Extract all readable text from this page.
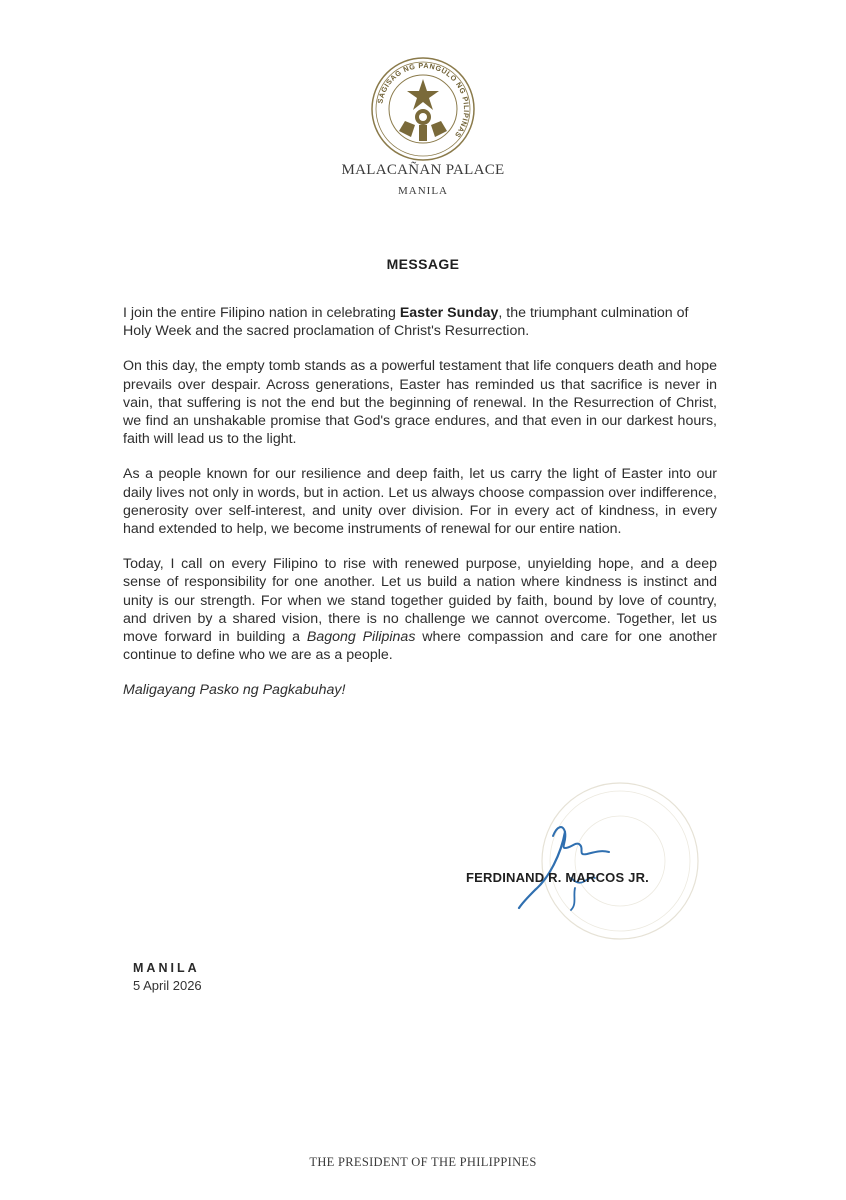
SAGISAG NG PANGULO NG PILIPINAS
MALACAÑAN PALACE
MANILA
MESSAGE

I join the entire Filipino nation in celebrating Easter Sunday, the triumphant culmination of Holy Week and the sacred proclamation of Christ's Resurrection.

On this day, the empty tomb stands as a powerful testament that life conquers death and hope prevails over despair. Across generations, Easter has reminded us that sacrifice is never in vain, that suffering is not the end but the beginning of renewal. In the Resurrection of Christ, we find an unshakable promise that God's grace endures, and that even in our darkest hours, faith will lead us to the light.

As a people known for our resilience and deep faith, let us carry the light of Easter into our daily lives not only in words, but in action. Let us always choose compassion over indifference, generosity over self-interest, and unity over division. For in every act of kindness, in every hand extended to help, we become instruments of renewal for our entire nation.

Today, I call on every Filipino to rise with renewed purpose, unyielding hope, and a deep sense of responsibility for one another. Let us build a nation where kindness is instinct and unity is our strength. For when we stand together guided by faith, bound by love of country, and driven by a shared vision, there is no challenge we cannot overcome. Together, let us move forward in building a Bagong Pilipinas where compassion and care for one another continue to define who we are as a people.

Maligayang Pasko ng Pagkabuhay!

FERDINAND R. MARCOS JR.
MANILA
5 April 2026
THE PRESIDENT OF THE PHILIPPINES
